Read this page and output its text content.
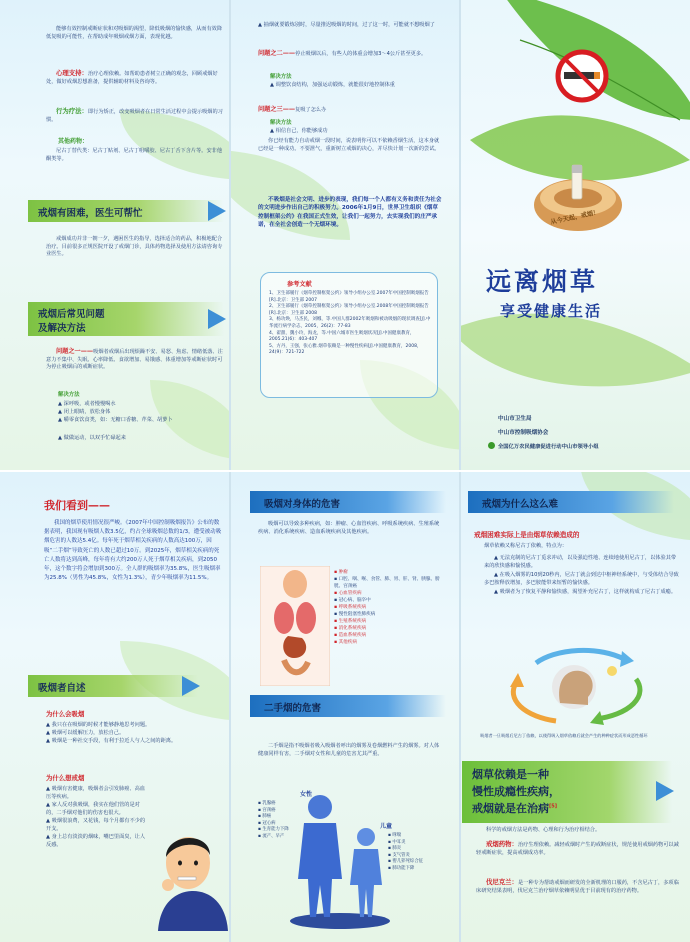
能够有效控制戒断症状和对吸烟的渴望，降低吸烟的愉快感，从而有效降低复吸的可能性，在帮助成年吸烟戒烟方面，表现优越。

心理支持：治疗心理依赖。如帮助患者树立正确的观念，回顾戒烟好处，做好戒烟思想准备，提供辅助材料及咨询等。

行为疗法：即行为矫正，改变吸烟者在日常生活过程中会提示吸烟的习惯。

其他药物：

尼古丁替代类：尼古丁贴剂、尼古丁咀嚼胶、尼古丁舌下含片等。安非他酮类等。

戒烟有困难，医生可帮忙

戒烟成功并非一朝一夕，遇困医生的指导，选择适合的药品，积极地配合治疗。目前很多正规医院开设了戒烟门诊，具体药物选择及使用方法请咨询专业医生。

戒烟后常见问题
及解决方法

问题之一——吸烟者戒烟后出现烦躁不安、易怒、焦虑、情绪低落、注意力不集中、失眠、心率降低、食欲增加、易饿感、体重增加等戒断症状时可为停止吸烟后的戒断症状。

解决方法
▲ 深呼吸，或者慢慢喝水
▲ 闭上眼睛，放松身体
▲ 嚼零食饮食类，如：无糖口香糖、芹菜、胡萝卜
▲ 做做运动，以双手忙碌起来
▲ 抽烟就要锻炼别时，尽量推迟吸烟的时间，过了这一时，可能就不想吸烟了

问题之二——停止吸烟以后，有些人的体重会增加3～4公斤甚至更多。

解决方法
▲ 调整饮食结构，加强运动锻炼，就能很好地控制体重

问题之三——复吸了怎么办

解决方法
▲ 相信自己，你能够成功

你已经有能力自动戒烟一段时间，说表明你可以不依赖香烟生活，这本身就已经是一种成功。不要泄气，重新树立戒烟的决心，并尽快计划一次新的尝试。

不吸烟是社会文明、进步的表现，我们每一个人都有义务和责任为社会的文明进步作出自己的积极努力。2006年1月9日，世界卫生组织《烟草控制框架公约》在我国正式生效，让我们一起努力，去实现我们的庄严承诺，在全社会创造一个无烟环境。

参考文献
1、卫生部履行《烟草控制框架公约》领导小组办公室.2007年中国控制吸烟报告[R].北京：卫生部 2007
2、卫生部履行《烟草控制框架公约》领导小组办公室.2008年中国控制吸烟报告[R].北京：卫生部 2008
3、杨功焕，马杰民，刘娜，等.中国人群2002年吸烟和被动吸烟的现状调查[J].中华流行病学杂志，2005，26(2)：77-83
4、翟甜，魏小玲，海龙，等.中国六城市医生吸烟状况[J].中国健康教育，2005.21(6)：403-407
5、方丹，王强，张心雅.烟草依赖是一种慢性疾病[J].中国健康教育，2008，24(9)：721-722
从今天起，戒烟！
远离烟草
享受健康生活
中山市卫生局
中山市控制吸烟协会
全国亿万农民健康促进行动中山市领导小组
我们看到——

我国的烟草使用情况很严峻。《2007年中国控制吸烟报告》公布的数据表明，我国现有吸烟人数3.5亿，约占全球吸烟总数的1/3，遭受被动吸烟危害的人数达5.4亿。每年死于烟草相关疾病的人数高达100万，因吸“二手烟”导致死亡的人数已超过10万。到2025年，烟草相关疾病的死亡人数将达到高峰，每年将有大约200万人死于烟草相关疾病，到2050年，这个数字将会增加到300万。全人群的吸烟率为35.8%，医生吸烟率为25.8%（男性为45.8%，女性为1.3%），青少年吸烟率为11.5%。

吸烟者自述
为什么会吸烟
▲ 我只在在吸烟的时候才能够静地思考问题。
▲ 吸烟可以缓解压力，放松自己。
▲ 吸烟是一种社交手段，有利于拉近人与人之间的距离。
为什么想戒烟
▲ 吸烟有害健康，吸烟者会引发肺癌、高血压等疾病。
▲ 家人反对我吸烟，我实在他们管的是对的，二手烟对他们的伤害也很大。
▲ 吸烟很浪费，又花钱，每个月都有不少的开支。
▲ 身上总有淡淡的烟味，嘴巴里面臭，让人反感。
吸烟对身体的危害

吸烟可以导致多种疾病，如：肿瘤、心血管疾病、呼吸系统疾病、生殖系统疾病、消化系统疾病、造血系统疾病及其他疾病。

▪ 肿瘤
▪ 口腔、咽、喉、食管、肺、胃、肝、肾、胰腺、膀胱、宫颈癌
▪ 心血管疾病
▪ 冠心病、脑卒中
▪ 呼吸系统疾病
▪ 慢性阻塞性肺疾病
▪ 生殖系统疾病
▪ 消化系统疾病
▪ 造血系统疾病
▪ 其他疾病
二手烟的危害

二手烟是指不吸烟者吸入吸烟者呼出的烟雾及卷烟燃料产生的烟雾。对人体健康同样有害，二手烟对女性和儿童的危害尤其严重。

女性
▪ 乳腺癌
▪ 宫颈癌
▪ 肺癌
▪ 冠心病
▪ 生育能力下降
▪ 流产、早产
儿童
▪ 哮喘
▪ 中耳炎
▪ 肺炎
▪ 支气管炎
▪ 婴儿猝死综合征
▪ 肺功能下降
戒烟为什么这么难
戒烟困难实际上是由烟草依赖造成的
烟草依赖又称尼古丁依赖，特点为：

▲ 无法克制的尼古丁觅求冲动，以及强迫性地、连续地使用尼古丁，以体验其带来的欣快感和愉悦感。

▲ 在吸入烟雾的10到20秒内，尼古丁就会到达中枢神经系统中，与受体结合导致多巴胺释放增加，多巴胺能带来短暂的愉快感。

▲ 吸烟者为了恢复平静和愉快感，渴望补充尼古丁，这样就构成了尼古丁成瘾。

吸烟者一旦吸烟后尼古丁依赖，以使得吸入烟草依赖后就会产生的种种症状而形成恶性循环
烟草依赖是一种
慢性成瘾性疾病，
戒烟就是在治病[5]

科学的戒烟方法是药物、心理和行为治疗相结合。

戒烟药物：治疗生理依赖。减轻戒烟时产生的戒断症状，规范使用戒烟药物可以减轻戒断症状，提高戒烟成功率。

伐尼克兰：是一种专为帮助戒烟而研发的全新机理的口服药，不含尼古丁，多项临床研究结果表明，伐尼克兰治疗烟草依赖明显优于目前现有的治疗药物。
